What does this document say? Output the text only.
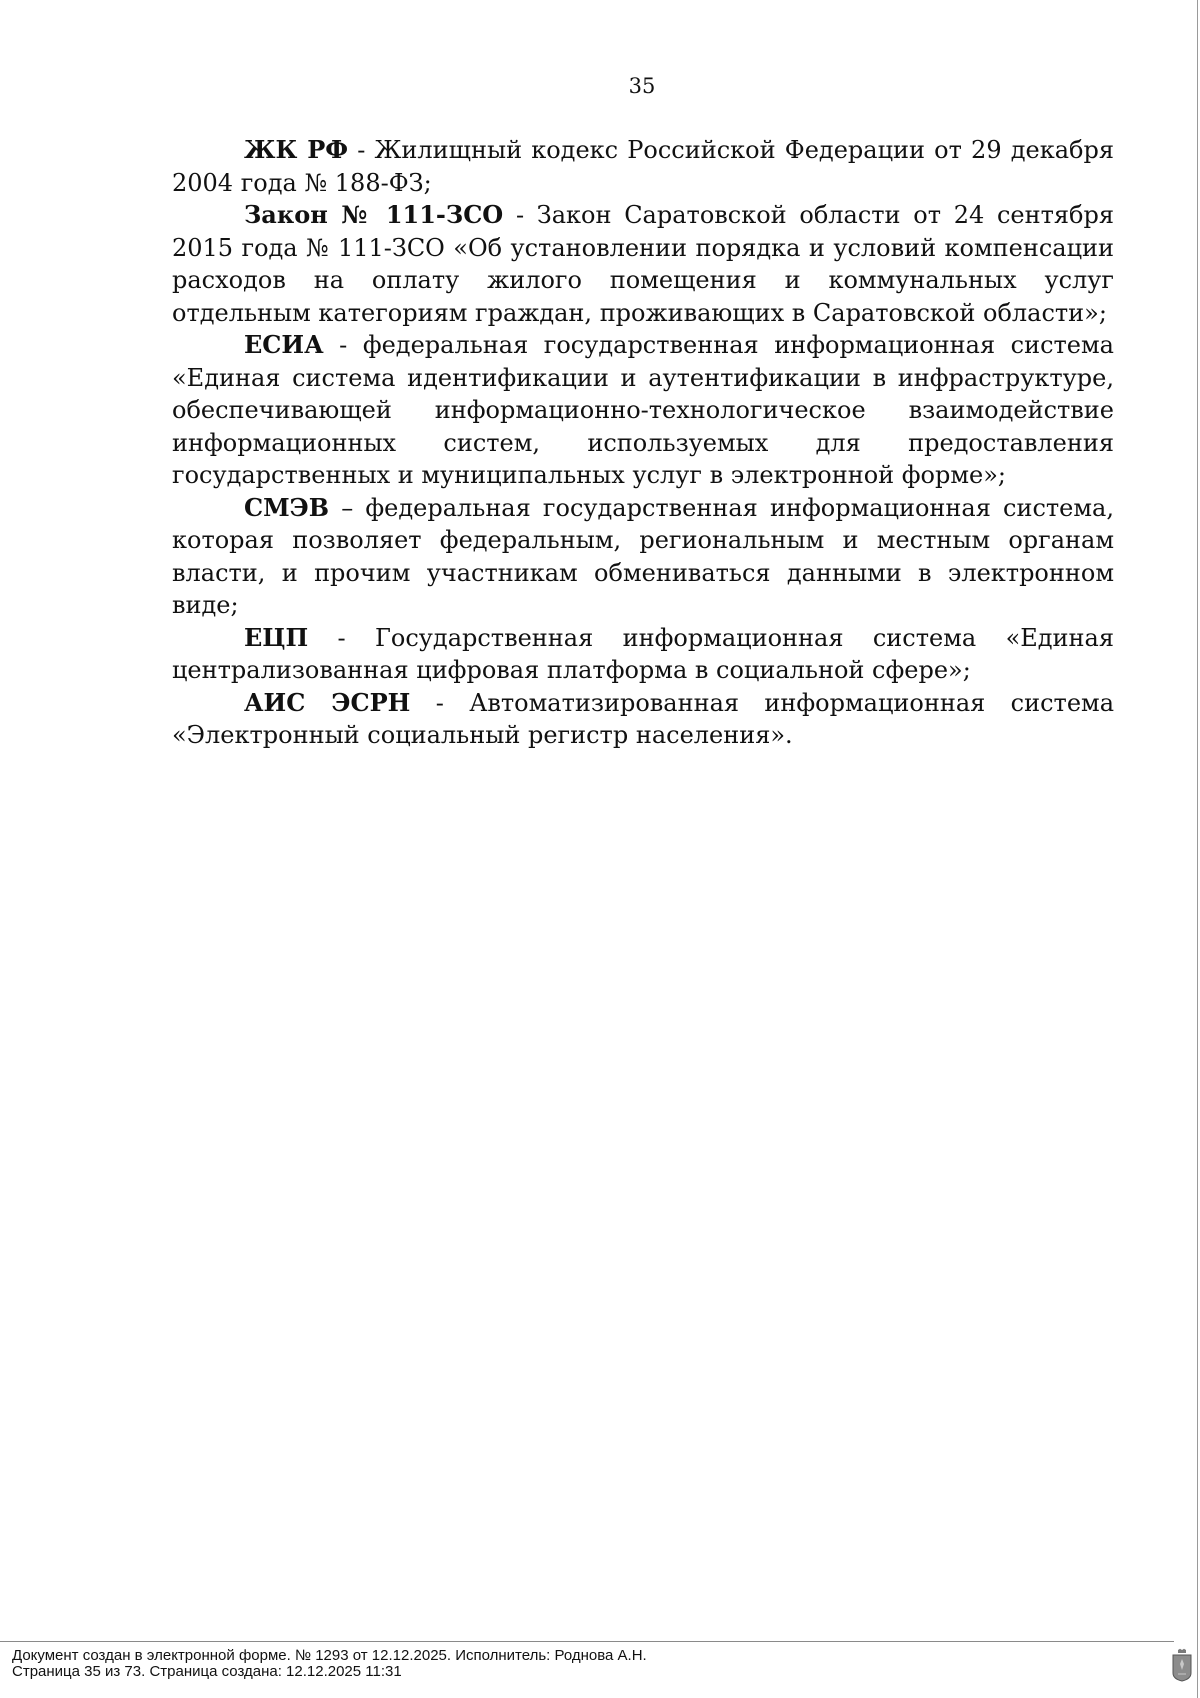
35

ЖК РФ - Жилищный кодекс Российской Федерации от 29 декабря 2004 года № 188-ФЗ;

Закон № 111-ЗСО - Закон Саратовской области от 24 сентября 2015 года № 111-ЗСО «Об установлении порядка и условий компенсации расходов на оплату жилого помещения и коммунальных услуг отдельным категориям граждан, проживающих в Саратовской области»;

ЕСИА - федеральная государственная информационная система «Единая система идентификации и аутентификации в инфраструктуре, обеспечивающей информационно-технологическое взаимодействие информационных систем, используемых для предоставления государственных и муниципальных услуг в электронной форме»;

СМЭВ – федеральная государственная информационная система, которая позволяет федеральным, региональным и местным органам власти, и прочим участникам обмениваться данными в электронном виде;

ЕЦП - Государственная информационная система «Единая централизованная цифровая платформа в социальной сфере»;

АИС ЭСРН - Автоматизированная информационная система «Электронный социальный регистр населения».

Документ создан в электронной форме. № 1293 от 12.12.2025. Исполнитель: Роднова А.Н.
Страница 35 из 73. Страница создана: 12.12.2025 11:31
